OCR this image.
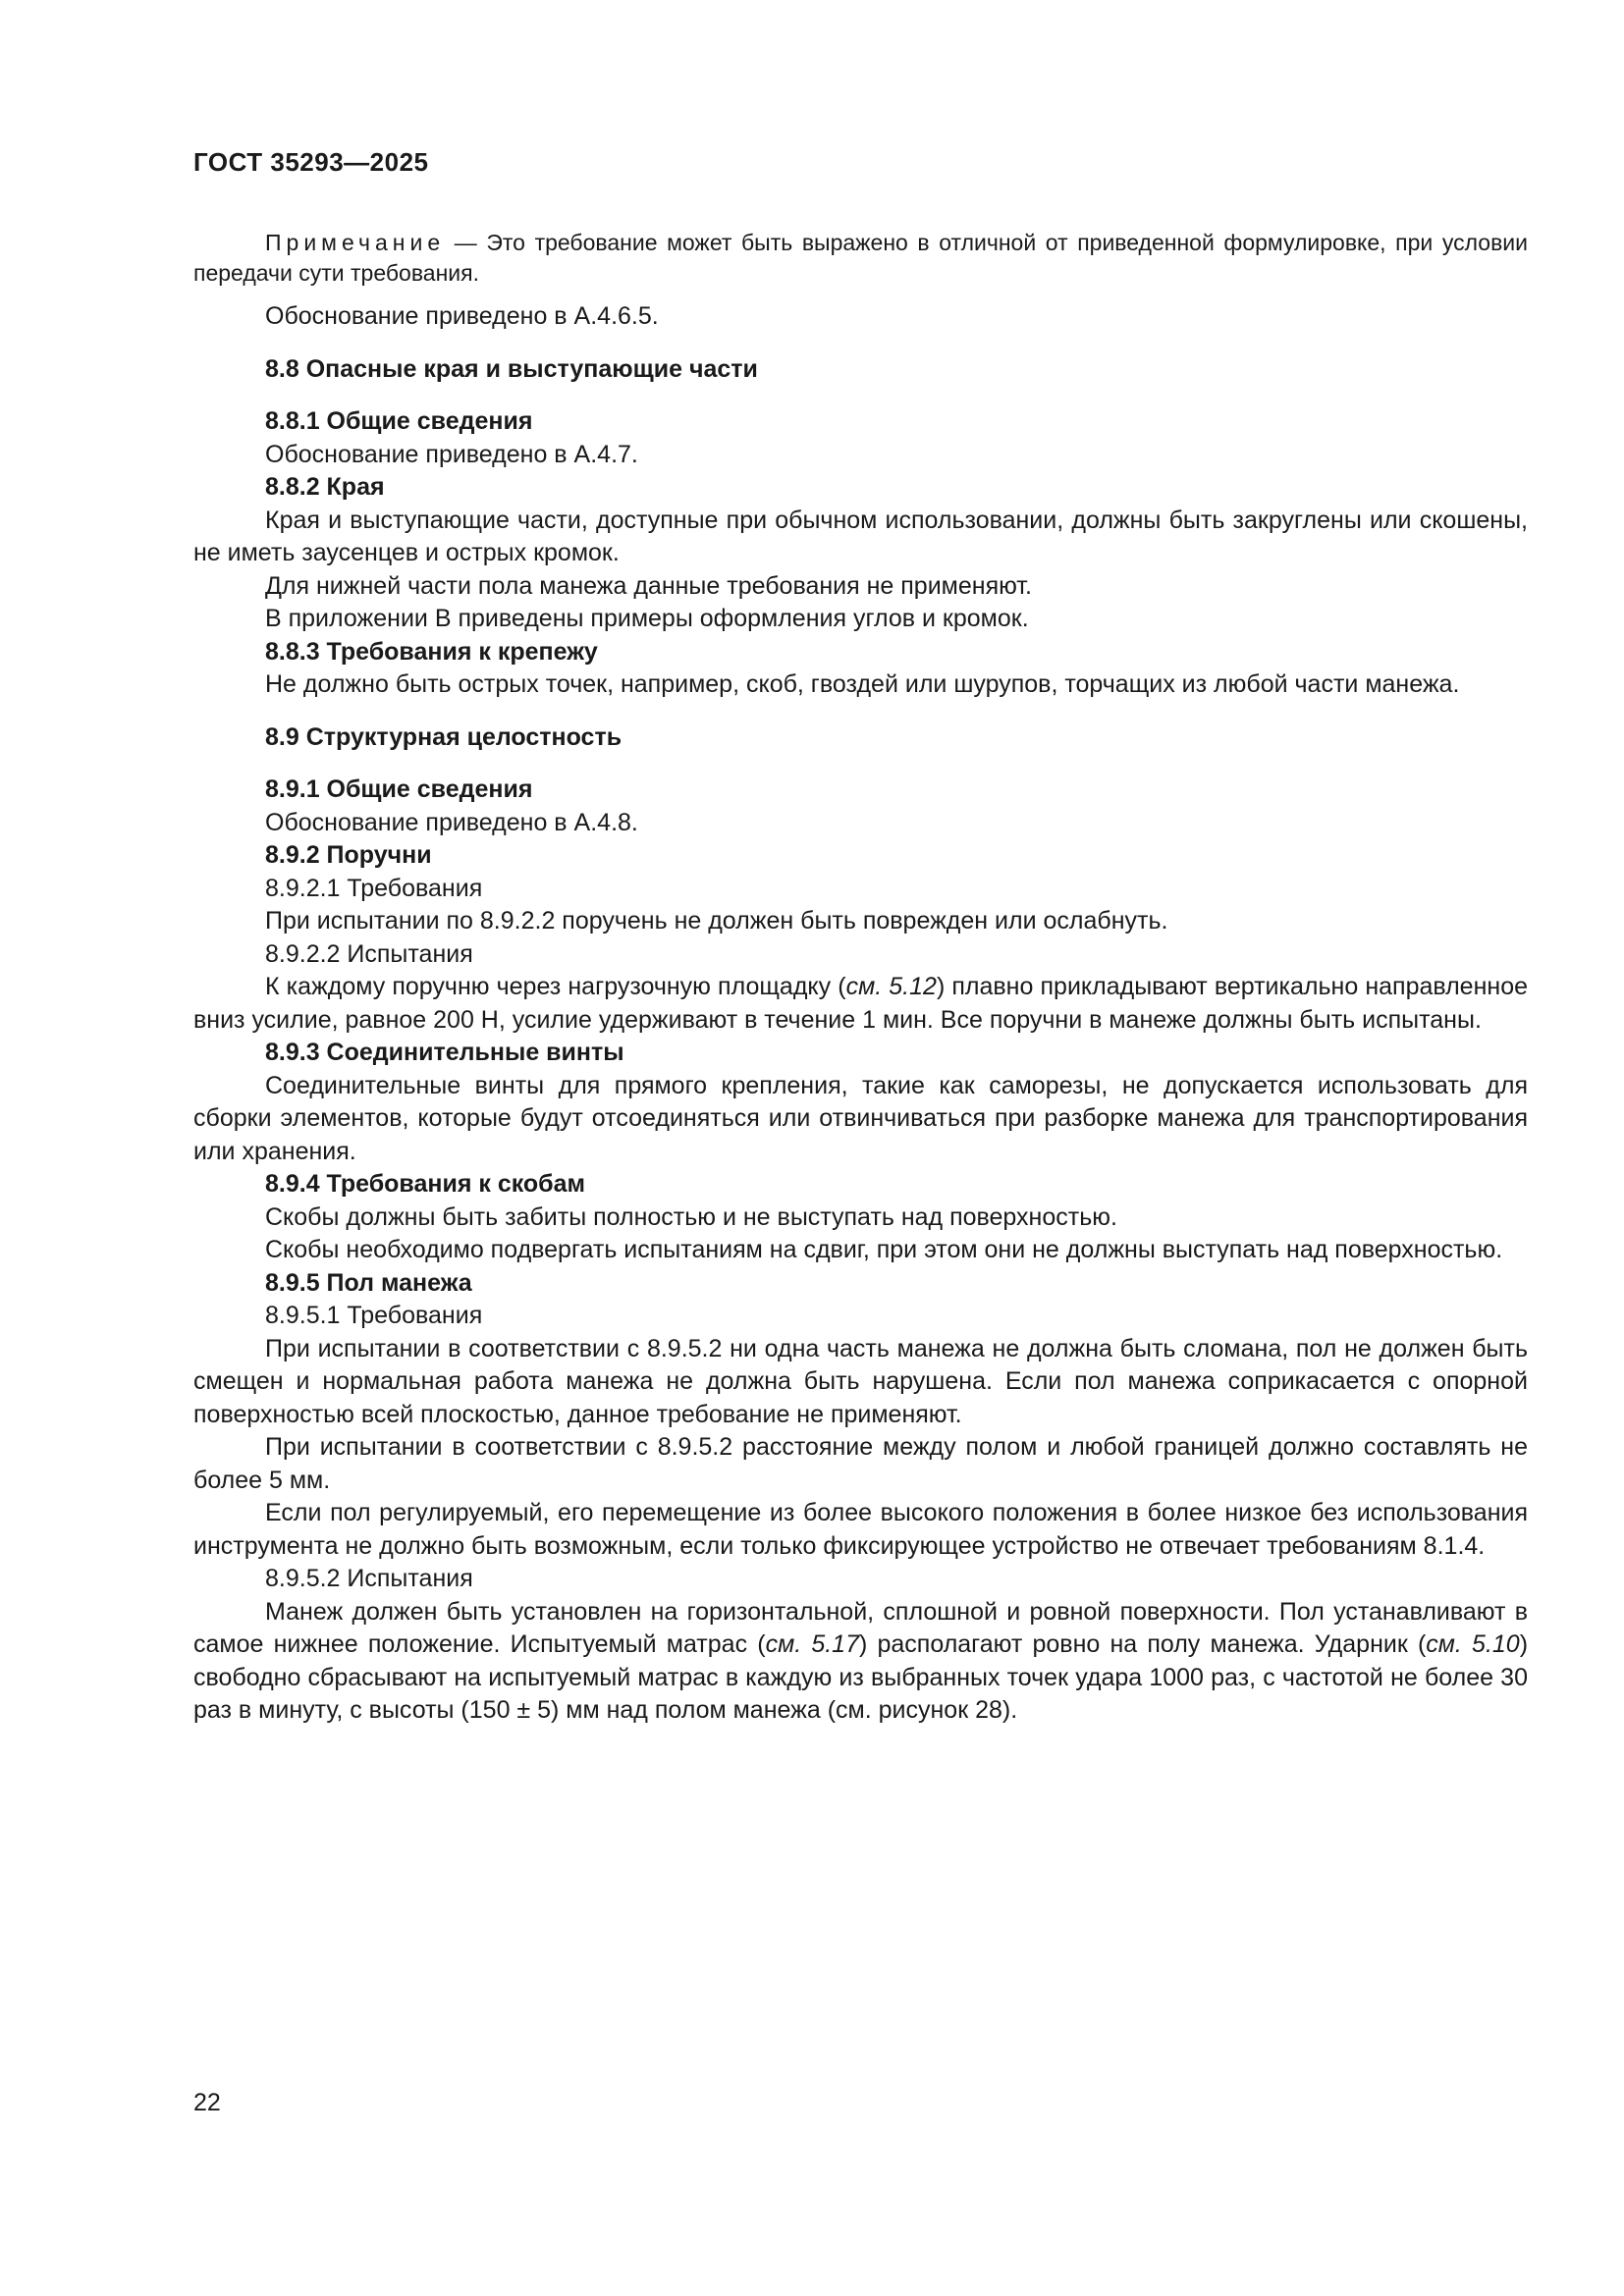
ГОСТ 35293—2025

Примечание — Это требование может быть выражено в отличной от приведенной формулировке, при условии передачи сути требования.

Обоснование приведено в А.4.6.5.

8.8 Опасные края и выступающие части

8.8.1 Общие сведения

Обоснование приведено в А.4.7.

8.8.2 Края

Края и выступающие части, доступные при обычном использовании, должны быть закруглены или скошены, не иметь заусенцев и острых кромок.

Для нижней части пола манежа данные требования не применяют.

В приложении В приведены примеры оформления углов и кромок.

8.8.3 Требования к крепежу

Не должно быть острых точек, например, скоб, гвоздей или шурупов, торчащих из любой части манежа.

8.9 Структурная целостность

8.9.1 Общие сведения

Обоснование приведено в А.4.8.

8.9.2 Поручни

8.9.2.1 Требования

При испытании по 8.9.2.2 поручень не должен быть поврежден или ослабнуть.

8.9.2.2 Испытания

К каждому поручню через нагрузочную площадку (см. 5.12) плавно прикладывают вертикально направленное вниз усилие, равное 200 Н, усилие удерживают в течение 1 мин. Все поручни в манеже должны быть испытаны.

8.9.3 Соединительные винты

Соединительные винты для прямого крепления, такие как саморезы, не допускается использовать для сборки элементов, которые будут отсоединяться или отвинчиваться при разборке манежа для транспортирования или хранения.

8.9.4 Требования к скобам

Скобы должны быть забиты полностью и не выступать над поверхностью.

Скобы необходимо подвергать испытаниям на сдвиг, при этом они не должны выступать над поверхностью.

8.9.5 Пол манежа

8.9.5.1 Требования

При испытании в соответствии с 8.9.5.2 ни одна часть манежа не должна быть сломана, пол не должен быть смещен и нормальная работа манежа не должна быть нарушена. Если пол манежа соприкасается с опорной поверхностью всей плоскостью, данное требование не применяют.

При испытании в соответствии с 8.9.5.2 расстояние между полом и любой границей должно составлять не более 5 мм.

Если пол регулируемый, его перемещение из более высокого положения в более низкое без использования инструмента не должно быть возможным, если только фиксирующее устройство не отвечает требованиям 8.1.4.

8.9.5.2 Испытания

Манеж должен быть установлен на горизонтальной, сплошной и ровной поверхности. Пол устанавливают в самое нижнее положение. Испытуемый матрас (см. 5.17) располагают ровно на полу манежа. Ударник (см. 5.10) свободно сбрасывают на испытуемый матрас в каждую из выбранных точек удара 1000 раз, с частотой не более 30 раз в минуту, с высоты (150 ± 5) мм над полом манежа (см. рисунок 28).

22
